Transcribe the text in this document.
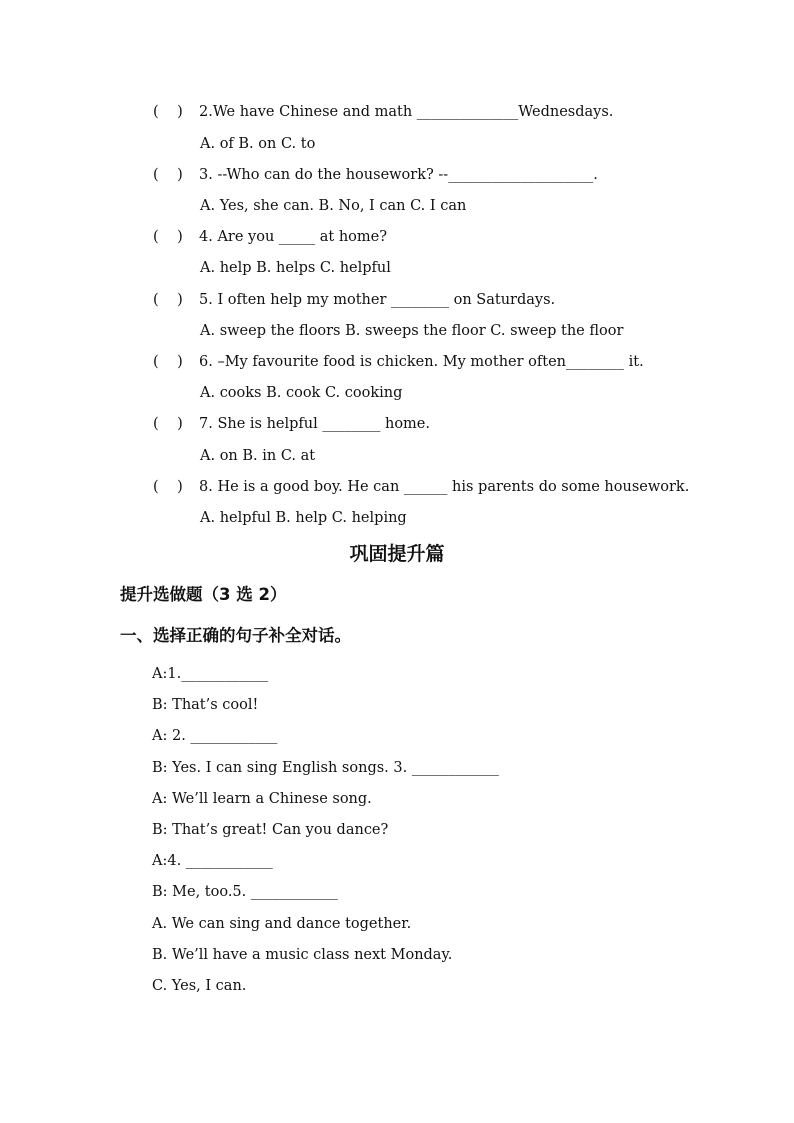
(    ) 2.We have Chinese and math ______________Wednesdays.
A. of B. on C. to
(    ) 3. --Who can do the housework? --____________________.
A. Yes, she can. B. No, I can C. I can
(    ) 4. Are you _____ at home?
A. help B. helps C. helpful
(    ) 5. I often help my mother ________ on Saturdays.
A. sweep the floors B. sweeps the floor C. sweep the floor
(    ) 6. –My favourite food is chicken. My mother often________ it.
A. cooks B. cook C. cooking
(    ) 7. She is helpful ________ home.
A. on B. in C. at
(    ) 8. He is a good boy. He can ______ his parents do some housework.
A. helpful B. help C. helping
巩固提升篇
提升选做题（3 选 2）
一、选择正确的句子补全对话。
A:1.____________
B: That’s cool!
A: 2. ____________
B: Yes. I can sing English songs. 3. ____________
A: We’ll learn a Chinese song.
B: That’s great! Can you dance?
A:4. ____________
B: Me, too.5. ____________
A. We can sing and dance together.
B. We’ll have a music class next Monday.
C. Yes, I can.
